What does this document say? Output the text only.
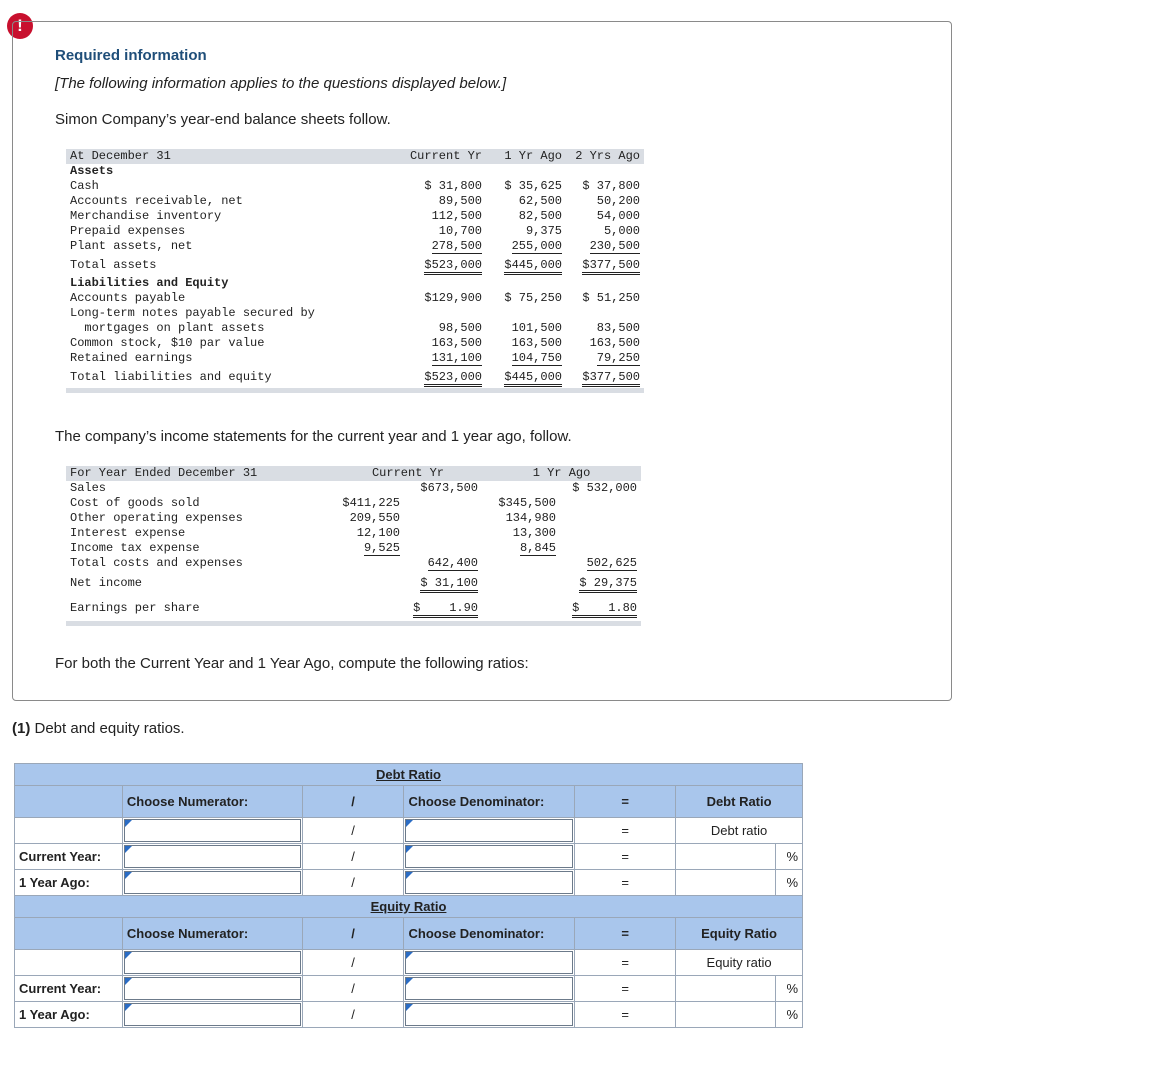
!
Required information
[The following information applies to the questions displayed below.]
Simon Company’s year-end balance sheets follow.
At December 31	Current Yr	1 Yr Ago	2 Yrs Ago
Assets			
Cash	$ 31,800	$ 35,625	$ 37,800
Accounts receivable, net	89,500	62,500	50,200
Merchandise inventory	112,500	82,500	54,000
Prepaid expenses	10,700	9,375	5,000
Plant assets, net	278,500	255,000	230,500
Total assets	$523,000	$445,000	$377,500
Liabilities and Equity			
Accounts payable	$129,900	$ 75,250	$ 51,250
Long-term notes payable secured by			
mortgages on plant assets	98,500	101,500	83,500
Common stock, $10 par value	163,500	163,500	163,500
Retained earnings	131,100	104,750	79,250
Total liabilities and equity	$523,000	$445,000	$377,500

The company’s income statements for the current year and 1 year ago, follow.
For Year Ended December 31	Current Yr		1 Yr Ago	
Sales		$673,500		$ 532,000
Cost of goods sold	$411,225		$345,500	
Other operating expenses	209,550		134,980	
Interest expense	12,100		13,300	
Income tax expense	9,525		8,845	
Total costs and expenses		642,400		502,625
Net income		$ 31,100		$ 29,375
Earnings per share		$ 1.90		$ 1.80

For both the Current Year and 1 Year Ago, compute the following ratios:
(1) Debt and equity ratios.
Debt Ratio						
	Choose Numerator:	/	Choose Denominator:	=	Debt Ratio	

	/		=	Debt ratio	
Current Year:		/		=		%
1 Year Ago:		/		=		%
Equity Ratio						
	Choose Numerator:	/	Choose Denominator:	=	Equity Ratio	

	/		=	Equity ratio	
Current Year:		/		=		%
1 Year Ago:		/		=		%
